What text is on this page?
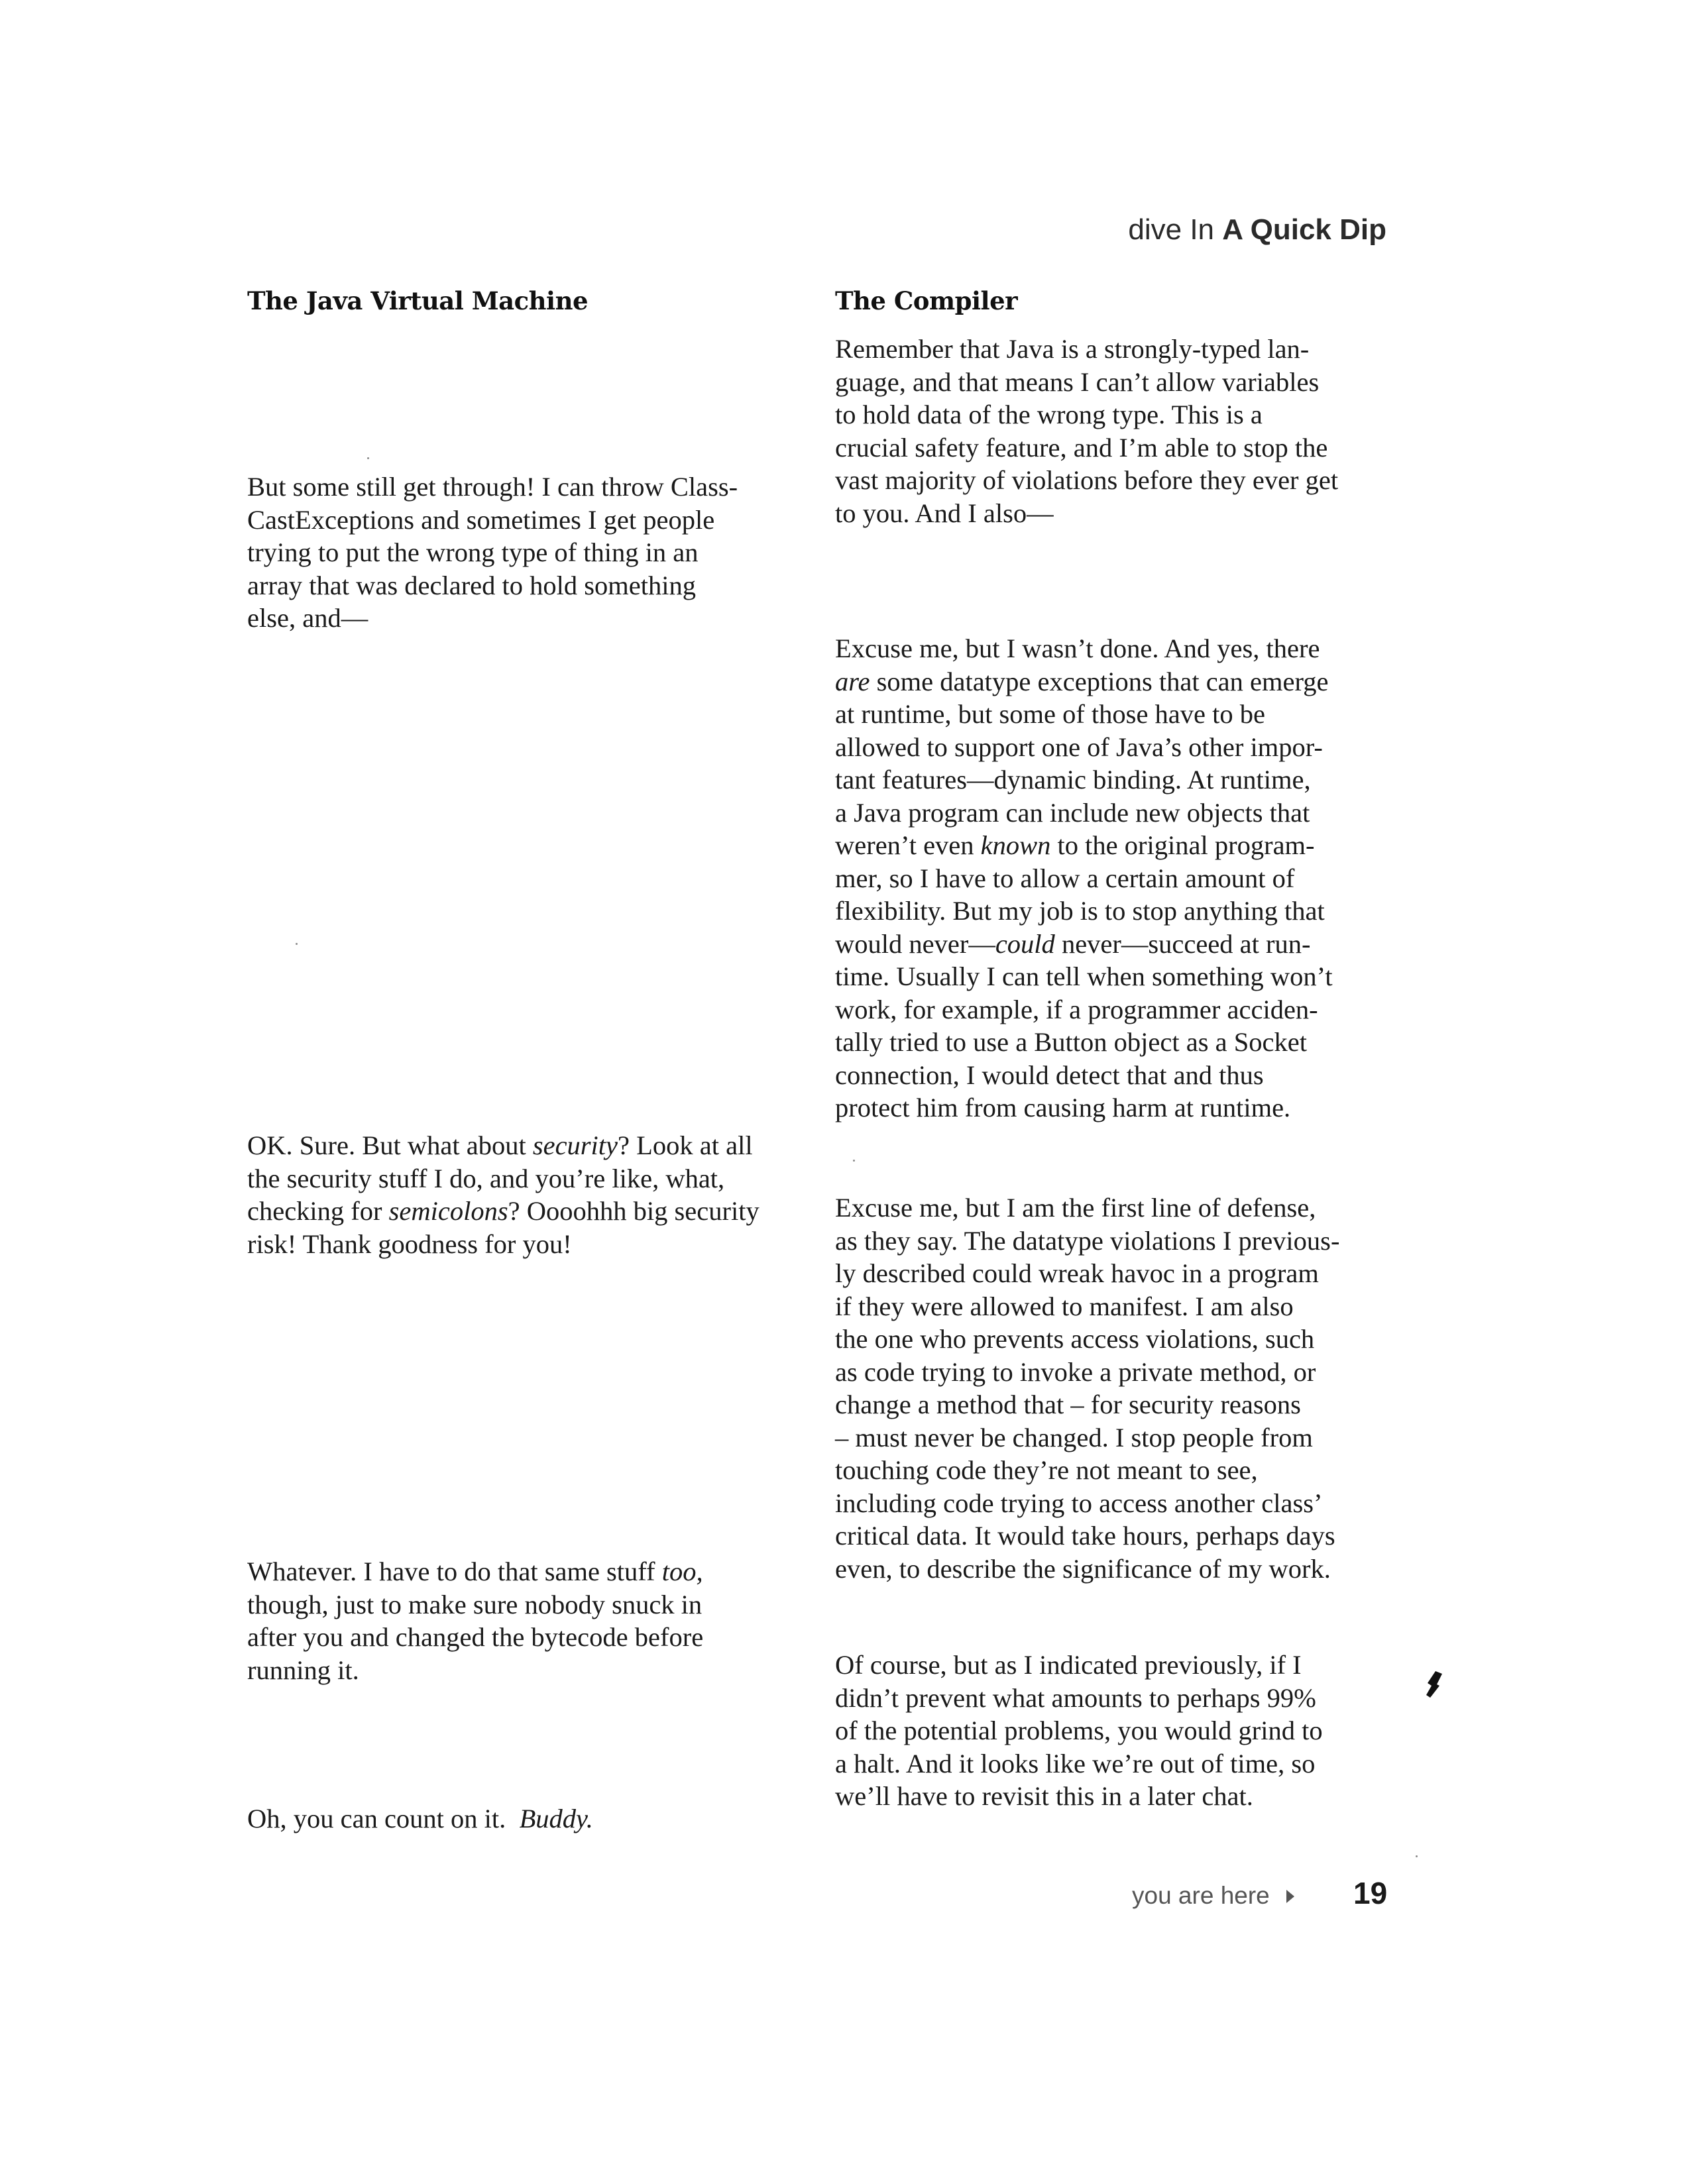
dive In A Quick Dip
The Java Virtual Machine
But some still get through! I can throw Class-
CastExceptions and sometimes I get people
trying to put the wrong type of thing in an
array that was declared to hold something
else, and—
OK. Sure. But what about security? Look at all
the security stuff I do, and you’re like, what,
checking for semicolons? Oooohhh big security
risk! Thank goodness for you!
Whatever. I have to do that same stuff too,
though, just to make sure nobody snuck in
after you and changed the bytecode before
running it.
Oh, you can count on it.  Buddy.
The Compiler
Remember that Java is a strongly-typed lan-
guage, and that means I can’t allow variables
to hold data of the wrong type. This is a
crucial safety feature, and I’m able to stop the
vast majority of violations before they ever get
to you. And I also—
Excuse me, but I wasn’t done. And yes, there
are some datatype exceptions that can emerge
at runtime, but some of those have to be
allowed to support one of Java’s other impor-
tant features—dynamic binding. At runtime,
a Java program can include new objects that
weren’t even known to the original program-
mer, so I have to allow a certain amount of
flexibility. But my job is to stop anything that
would never—could never—succeed at run-
time. Usually I can tell when something won’t
work, for example, if a programmer acciden-
tally tried to use a Button object as a Socket
connection, I would detect that and thus
protect him from causing harm at runtime.
Excuse me, but I am the first line of defense,
as they say. The datatype violations I previous-
ly described could wreak havoc in a program
if they were allowed to manifest. I am also
the one who prevents access violations, such
as code trying to invoke a private method, or
change a method that – for security reasons
– must never be changed. I stop people from
touching code they’re not meant to see,
including code trying to access another class’
critical data. It would take hours, perhaps days
even, to describe the significance of my work.
Of course, but as I indicated previously, if I
didn’t prevent what amounts to perhaps 99%
of the potential problems, you would grind to
a halt. And it looks like we’re out of time, so
we’ll have to revisit this in a later chat.
you are here	19
